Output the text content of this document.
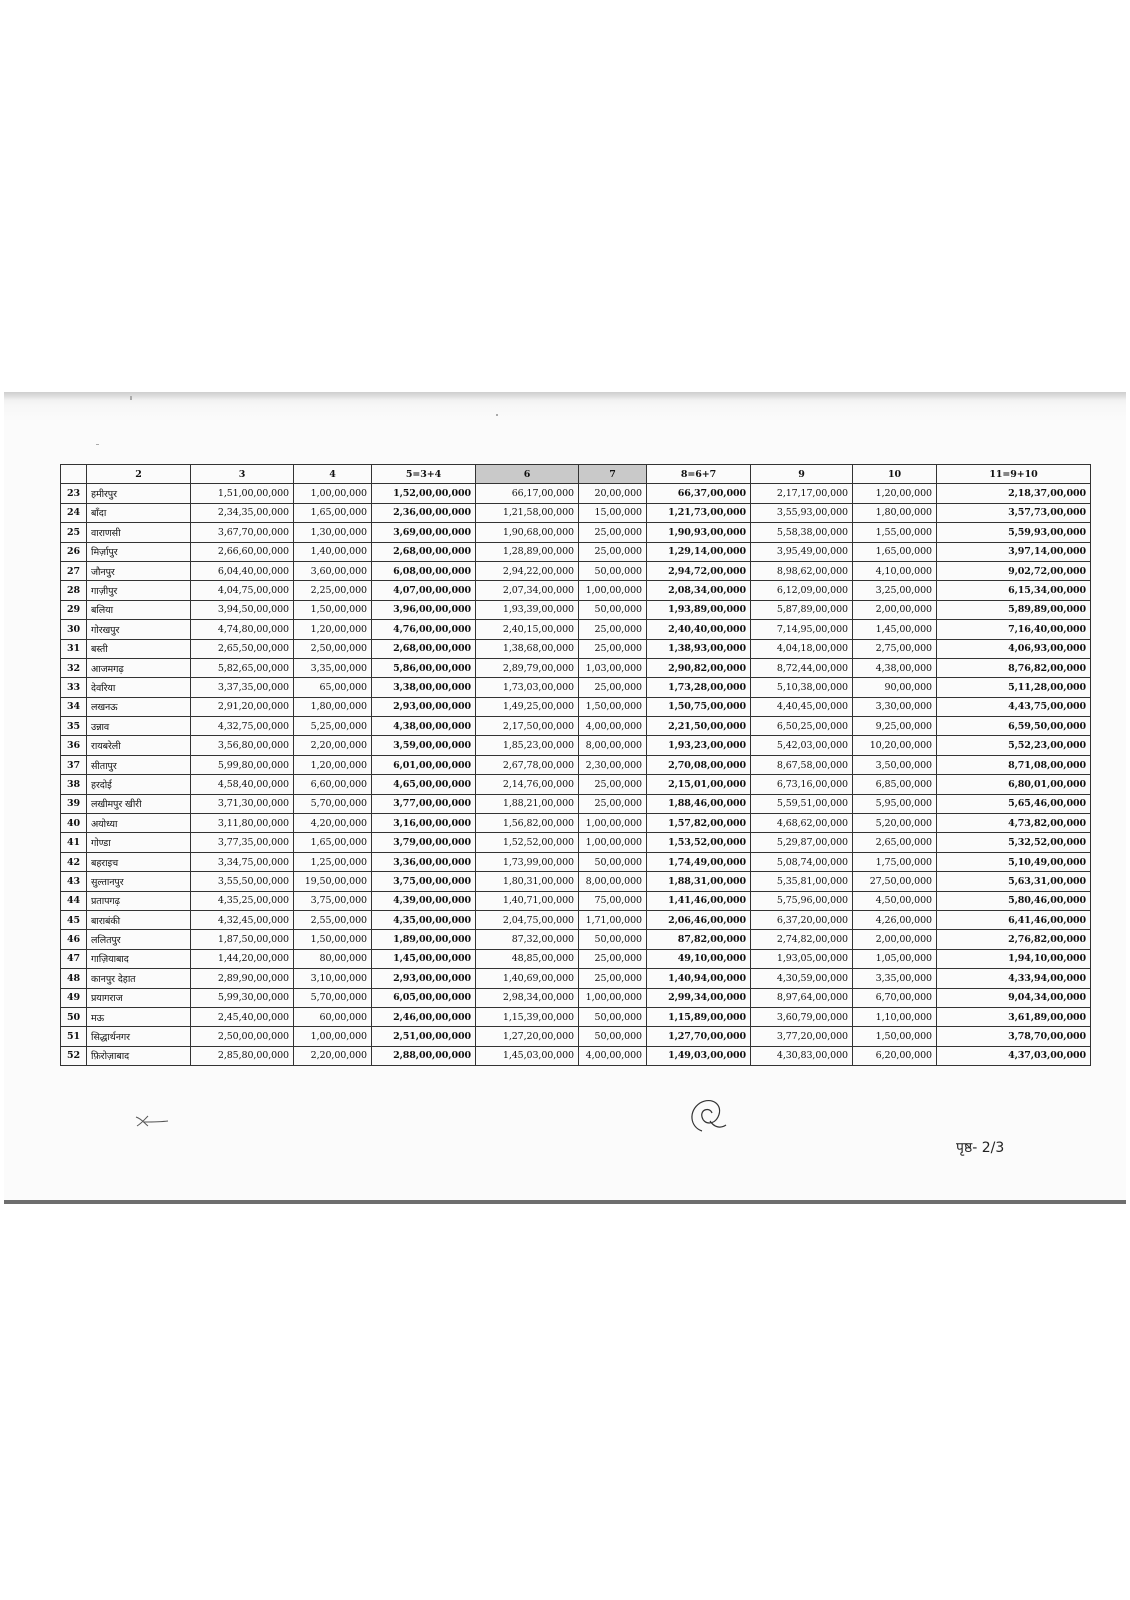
	2	3	4	5=3+4	6	7	8=6+7	9	10	11=9+10
23	हमीरपुर	1,51,00,00,000	1,00,00,000	1,52,00,00,000	66,17,00,000	20,00,000	66,37,00,000	2,17,17,00,000	1,20,00,000	2,18,37,00,000
24	बाँदा	2,34,35,00,000	1,65,00,000	2,36,00,00,000	1,21,58,00,000	15,00,000	1,21,73,00,000	3,55,93,00,000	1,80,00,000	3,57,73,00,000
25	वाराणसी	3,67,70,00,000	1,30,00,000	3,69,00,00,000	1,90,68,00,000	25,00,000	1,90,93,00,000	5,58,38,00,000	1,55,00,000	5,59,93,00,000
26	मिर्ज़ापुर	2,66,60,00,000	1,40,00,000	2,68,00,00,000	1,28,89,00,000	25,00,000	1,29,14,00,000	3,95,49,00,000	1,65,00,000	3,97,14,00,000
27	जौनपुर	6,04,40,00,000	3,60,00,000	6,08,00,00,000	2,94,22,00,000	50,00,000	2,94,72,00,000	8,98,62,00,000	4,10,00,000	9,02,72,00,000
28	गाज़ीपुर	4,04,75,00,000	2,25,00,000	4,07,00,00,000	2,07,34,00,000	1,00,00,000	2,08,34,00,000	6,12,09,00,000	3,25,00,000	6,15,34,00,000
29	बलिया	3,94,50,00,000	1,50,00,000	3,96,00,00,000	1,93,39,00,000	50,00,000	1,93,89,00,000	5,87,89,00,000	2,00,00,000	5,89,89,00,000
30	गोरखपुर	4,74,80,00,000	1,20,00,000	4,76,00,00,000	2,40,15,00,000	25,00,000	2,40,40,00,000	7,14,95,00,000	1,45,00,000	7,16,40,00,000
31	बस्ती	2,65,50,00,000	2,50,00,000	2,68,00,00,000	1,38,68,00,000	25,00,000	1,38,93,00,000	4,04,18,00,000	2,75,00,000	4,06,93,00,000
32	आजमगढ़	5,82,65,00,000	3,35,00,000	5,86,00,00,000	2,89,79,00,000	1,03,00,000	2,90,82,00,000	8,72,44,00,000	4,38,00,000	8,76,82,00,000
33	देवरिया	3,37,35,00,000	65,00,000	3,38,00,00,000	1,73,03,00,000	25,00,000	1,73,28,00,000	5,10,38,00,000	90,00,000	5,11,28,00,000
34	लखनऊ	2,91,20,00,000	1,80,00,000	2,93,00,00,000	1,49,25,00,000	1,50,00,000	1,50,75,00,000	4,40,45,00,000	3,30,00,000	4,43,75,00,000
35	उन्नाव	4,32,75,00,000	5,25,00,000	4,38,00,00,000	2,17,50,00,000	4,00,00,000	2,21,50,00,000	6,50,25,00,000	9,25,00,000	6,59,50,00,000
36	रायबरेली	3,56,80,00,000	2,20,00,000	3,59,00,00,000	1,85,23,00,000	8,00,00,000	1,93,23,00,000	5,42,03,00,000	10,20,00,000	5,52,23,00,000
37	सीतापुर	5,99,80,00,000	1,20,00,000	6,01,00,00,000	2,67,78,00,000	2,30,00,000	2,70,08,00,000	8,67,58,00,000	3,50,00,000	8,71,08,00,000
38	हरदोई	4,58,40,00,000	6,60,00,000	4,65,00,00,000	2,14,76,00,000	25,00,000	2,15,01,00,000	6,73,16,00,000	6,85,00,000	6,80,01,00,000
39	लखीमपुर खीरी	3,71,30,00,000	5,70,00,000	3,77,00,00,000	1,88,21,00,000	25,00,000	1,88,46,00,000	5,59,51,00,000	5,95,00,000	5,65,46,00,000
40	अयोध्या	3,11,80,00,000	4,20,00,000	3,16,00,00,000	1,56,82,00,000	1,00,00,000	1,57,82,00,000	4,68,62,00,000	5,20,00,000	4,73,82,00,000
41	गोण्डा	3,77,35,00,000	1,65,00,000	3,79,00,00,000	1,52,52,00,000	1,00,00,000	1,53,52,00,000	5,29,87,00,000	2,65,00,000	5,32,52,00,000
42	बहराइच	3,34,75,00,000	1,25,00,000	3,36,00,00,000	1,73,99,00,000	50,00,000	1,74,49,00,000	5,08,74,00,000	1,75,00,000	5,10,49,00,000
43	सुल्तानपुर	3,55,50,00,000	19,50,00,000	3,75,00,00,000	1,80,31,00,000	8,00,00,000	1,88,31,00,000	5,35,81,00,000	27,50,00,000	5,63,31,00,000
44	प्रतापगढ़	4,35,25,00,000	3,75,00,000	4,39,00,00,000	1,40,71,00,000	75,00,000	1,41,46,00,000	5,75,96,00,000	4,50,00,000	5,80,46,00,000
45	बाराबंकी	4,32,45,00,000	2,55,00,000	4,35,00,00,000	2,04,75,00,000	1,71,00,000	2,06,46,00,000	6,37,20,00,000	4,26,00,000	6,41,46,00,000
46	ललितपुर	1,87,50,00,000	1,50,00,000	1,89,00,00,000	87,32,00,000	50,00,000	87,82,00,000	2,74,82,00,000	2,00,00,000	2,76,82,00,000
47	गाज़ियाबाद	1,44,20,00,000	80,00,000	1,45,00,00,000	48,85,00,000	25,00,000	49,10,00,000	1,93,05,00,000	1,05,00,000	1,94,10,00,000
48	कानपुर देहात	2,89,90,00,000	3,10,00,000	2,93,00,00,000	1,40,69,00,000	25,00,000	1,40,94,00,000	4,30,59,00,000	3,35,00,000	4,33,94,00,000
49	प्रयागराज	5,99,30,00,000	5,70,00,000	6,05,00,00,000	2,98,34,00,000	1,00,00,000	2,99,34,00,000	8,97,64,00,000	6,70,00,000	9,04,34,00,000
50	मऊ	2,45,40,00,000	60,00,000	2,46,00,00,000	1,15,39,00,000	50,00,000	1,15,89,00,000	3,60,79,00,000	1,10,00,000	3,61,89,00,000
51	सिद्धार्थनगर	2,50,00,00,000	1,00,00,000	2,51,00,00,000	1,27,20,00,000	50,00,000	1,27,70,00,000	3,77,20,00,000	1,50,00,000	3,78,70,00,000
52	फ़िरोज़ाबाद	2,85,80,00,000	2,20,00,000	2,88,00,00,000	1,45,03,00,000	4,00,00,000	1,49,03,00,000	4,30,83,00,000	6,20,00,000	4,37,03,00,000
पृष्ठ- 2/3
